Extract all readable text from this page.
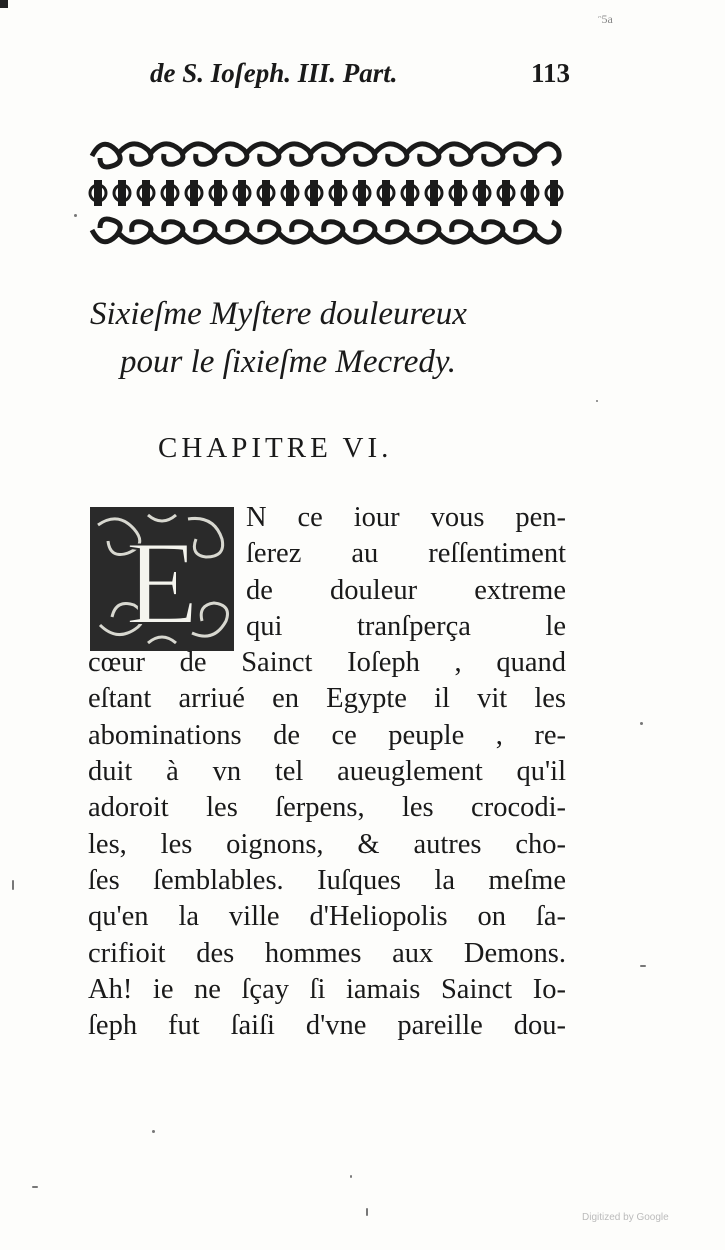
ᵔ5a
de S. Ioſeph. III. Part.	113
Sixieſme Myſtere douleureux
pour le ſixieſme Mecredy.
CHAPITRE VI.
E	N ce iour vous pen-
ſerez au reſſentiment
de douleur extreme
qui tranſperça le
cœur de Sainct Ioſeph , quand
eſtant arriué en Egypte il vit les
abominations de ce peuple , re-
duit à vn tel aueuglement qu'il
adoroit les ſerpens, les crocodi-
les, les oignons, & autres cho-
ſes ſemblables. Iuſques la meſme
qu'en la ville d'Heliopolis on ſa-
crifioit des hommes aux Demons.
Ah! ie ne ſçay ſi iamais Sainct Io-
ſeph fut ſaiſi d'vne pareille dou-
Digitized by Google
